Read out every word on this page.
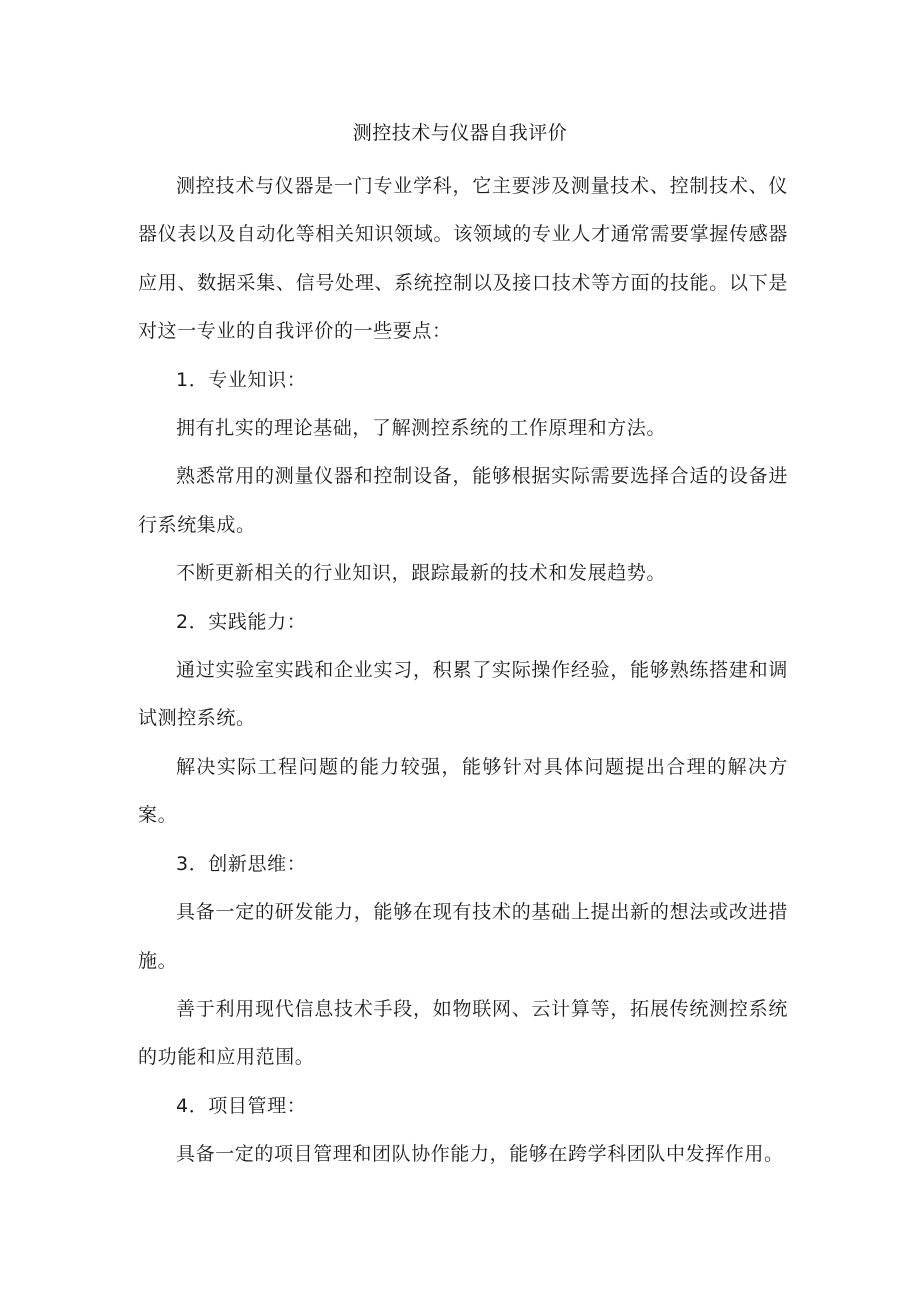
测控技术与仪器自我评价

测控技术与仪器是一门专业学科，它主要涉及测量技术、控制技术、仪器仪表以及自动化等相关知识领域。该领域的专业人才通常需要掌握传感器应用、数据采集、信号处理、系统控制以及接口技术等方面的技能。以下是对这一专业的自我评价的一些要点：

1．专业知识：

拥有扎实的理论基础，了解测控系统的工作原理和方法。

熟悉常用的测量仪器和控制设备，能够根据实际需要选择合适的设备进行系统集成。

不断更新相关的行业知识，跟踪最新的技术和发展趋势。

2．实践能力：

通过实验室实践和企业实习，积累了实际操作经验，能够熟练搭建和调试测控系统。

解决实际工程问题的能力较强，能够针对具体问题提出合理的解决方案。

3．创新思维：

具备一定的研发能力，能够在现有技术的基础上提出新的想法或改进措施。

善于利用现代信息技术手段，如物联网、云计算等，拓展传统测控系统的功能和应用范围。

4．项目管理：

具备一定的项目管理和团队协作能力，能够在跨学科团队中发挥作用。
